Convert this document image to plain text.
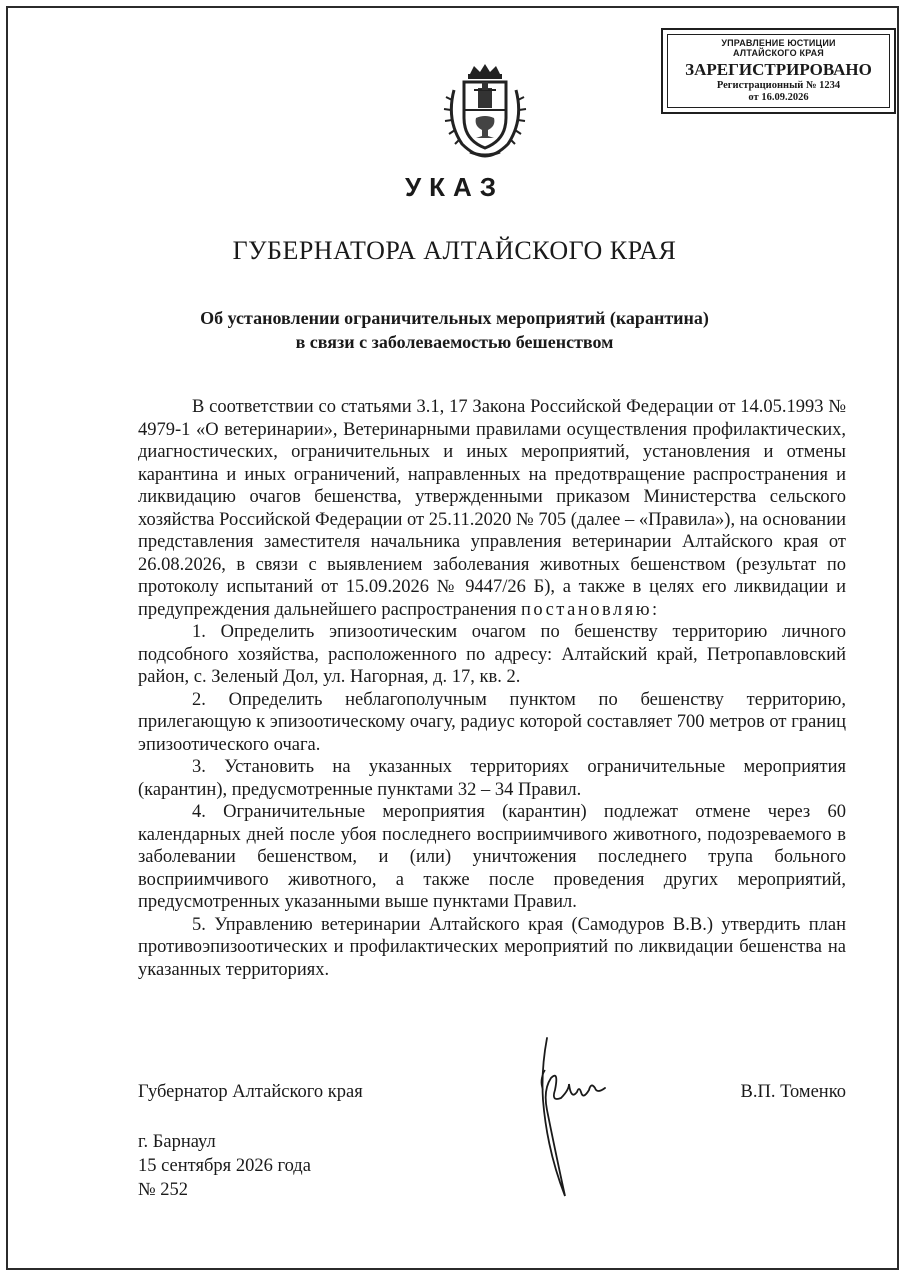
УПРАВЛЕНИЕ ЮСТИЦИИ
АЛТАЙСКОГО КРАЯ
ЗАРЕГИСТРИРОВАНО
Регистрационный № 1234
от 16.09.2026
УКАЗ
ГУБЕРНАТОРА АЛТАЙСКОГО КРАЯ
Об установлении ограничительных мероприятий (карантина)
в связи с заболеваемостью бешенством

В соответствии со статьями 3.1, 17 Закона Российской Федерации от 14.05.1993 № 4979-1 «О ветеринарии», Ветеринарными правилами осуществления профилактических, диагностических, ограничительных и иных мероприятий, установления и отмены карантина и иных ограничений, направленных на предотвращение распространения и ликвидацию очагов бешенства, утвержденными приказом Министерства сельского хозяйства Российской Федерации от 25.11.2020 № 705 (далее – «Правила»), на основании представления заместителя начальника управления ветеринарии Алтайского края от 26.08.2026, в связи с выявлением заболевания животных бешенством (результат по протоколу испытаний от 15.09.2026 № 9447/26 Б), а также в целях его ликвидации и предупреждения дальнейшего распространения постановляю:

1. Определить эпизоотическим очагом по бешенству территорию личного подсобного хозяйства, расположенного по адресу: Алтайский край, Петропавловский район, с. Зеленый Дол, ул. Нагорная, д. 17, кв. 2.

2. Определить неблагополучным пунктом по бешенству территорию, прилегающую к эпизоотическому очагу, радиус которой составляет 700 метров от границ эпизоотического очага.

3. Установить на указанных территориях ограничительные мероприятия (карантин), предусмотренные пунктами 32 – 34 Правил.

4. Ограничительные мероприятия (карантин) подлежат отмене через 60 календарных дней после убоя последнего восприимчивого животного, подозреваемого в заболевании бешенством, и (или) уничтожения последнего трупа больного восприимчивого животного, а также после проведения других мероприятий, предусмотренных указанными выше пунктами Правил.

5. Управлению ветеринарии Алтайского края (Самодуров В.В.) утвердить план противоэпизоотических и профилактических мероприятий по ликвидации бешенства на указанных территориях.

Губернатор Алтайского края	В.П. Томенко
г. Барнаул
15 сентября 2026 года
№ 252
